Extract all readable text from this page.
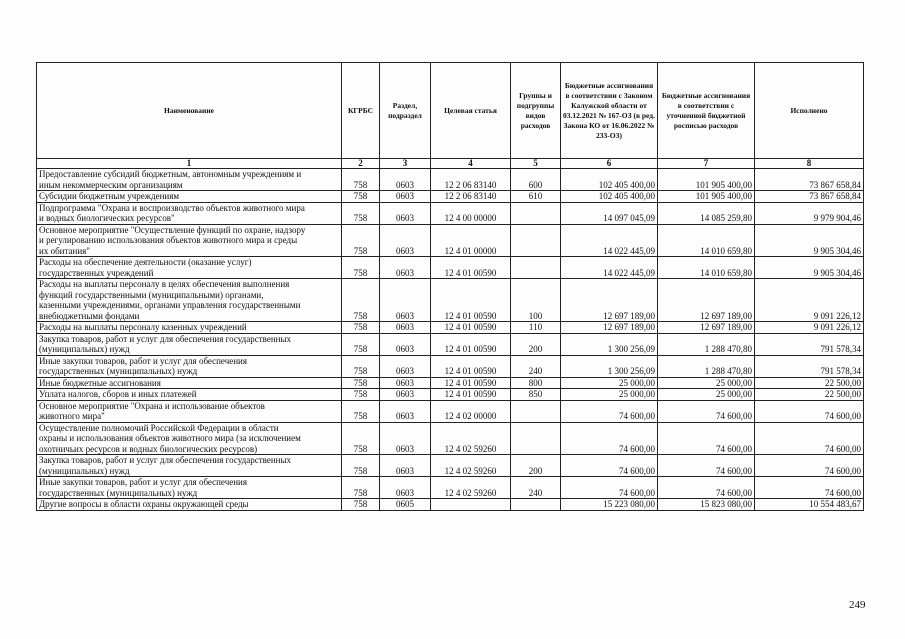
Наименование	КГРБС	Раздел, подраздел	Целевая статья	Группы и подгруппы видов расходов	Бюджетные ассигнования в соответствии с Законом Калужской области от 03.12.2021 № 167-ОЗ (в ред. Закона КО от 16.06.2022 № 233-ОЗ)	Бюджетные ассигнования в соответствии с уточненной бюджетной росписью расходов	Исполнено
1	2	3	4	5	6	7	8
Предоставление субсидий бюджетным, автономным учреждениям и
иным некоммерческим организациям	758	0603	12 2 06 83140	600	102 405 400,00	101 905 400,00	73 867 658,84
Субсидии бюджетным учреждениям	758	0603	12 2 06 83140	610	102 405 400,00	101 905 400,00	73 867 658,84
Подпрограмма "Охрана и воспроизводство объектов животного мира
и водных биологических ресурсов"	758	0603	12 4 00 00000		14 097 045,09	14 085 259,80	9 979 904,46
Основное мероприятие "Осуществление функций по охране, надзору
и регулированию использования объектов животного мира и среды
их обитания"	758	0603	12 4 01 00000		14 022 445,09	14 010 659,80	9 905 304,46
Расходы на обеспечение деятельности (оказание услуг)
государственных учреждений	758	0603	12 4 01 00590		14 022 445,09	14 010 659,80	9 905 304,46
Расходы на выплаты персоналу в целях обеспечения выполнения
функций государственными (муниципальными) органами,
казенными учреждениями, органами управления государственными
внебюджетными фондами	758	0603	12 4 01 00590	100	12 697 189,00	12 697 189,00	9 091 226,12
Расходы на выплаты персоналу казенных учреждений	758	0603	12 4 01 00590	110	12 697 189,00	12 697 189,00	9 091 226,12
Закупка товаров, работ и услуг для обеспечения государственных
(муниципальных) нужд	758	0603	12 4 01 00590	200	1 300 256,09	1 288 470,80	791 578,34
Иные закупки товаров, работ и услуг для обеспечения
государственных (муниципальных) нужд	758	0603	12 4 01 00590	240	1 300 256,09	1 288 470,80	791 578,34
Иные бюджетные ассигнования	758	0603	12 4 01 00590	800	25 000,00	25 000,00	22 500,00
Уплата налогов, сборов и иных платежей	758	0603	12 4 01 00590	850	25 000,00	25 000,00	22 500,00
Основное мероприятие "Охрана и использование объектов
животного мира"	758	0603	12 4 02 00000		74 600,00	74 600,00	74 600,00
Осуществление полномочий Российской Федерации в области
охраны и использования объектов животного мира (за исключением
охотничьих ресурсов и водных биологических ресурсов)	758	0603	12 4 02 59260		74 600,00	74 600,00	74 600,00
Закупка товаров, работ и услуг для обеспечения государственных
(муниципальных) нужд	758	0603	12 4 02 59260	200	74 600,00	74 600,00	74 600,00
Иные закупки товаров, работ и услуг для обеспечения
государственных (муниципальных) нужд	758	0603	12 4 02 59260	240	74 600,00	74 600,00	74 600,00
Другие вопросы в области охраны окружающей среды	758	0605			15 223 080,00	15 823 080,00	10 554 483,67
249
